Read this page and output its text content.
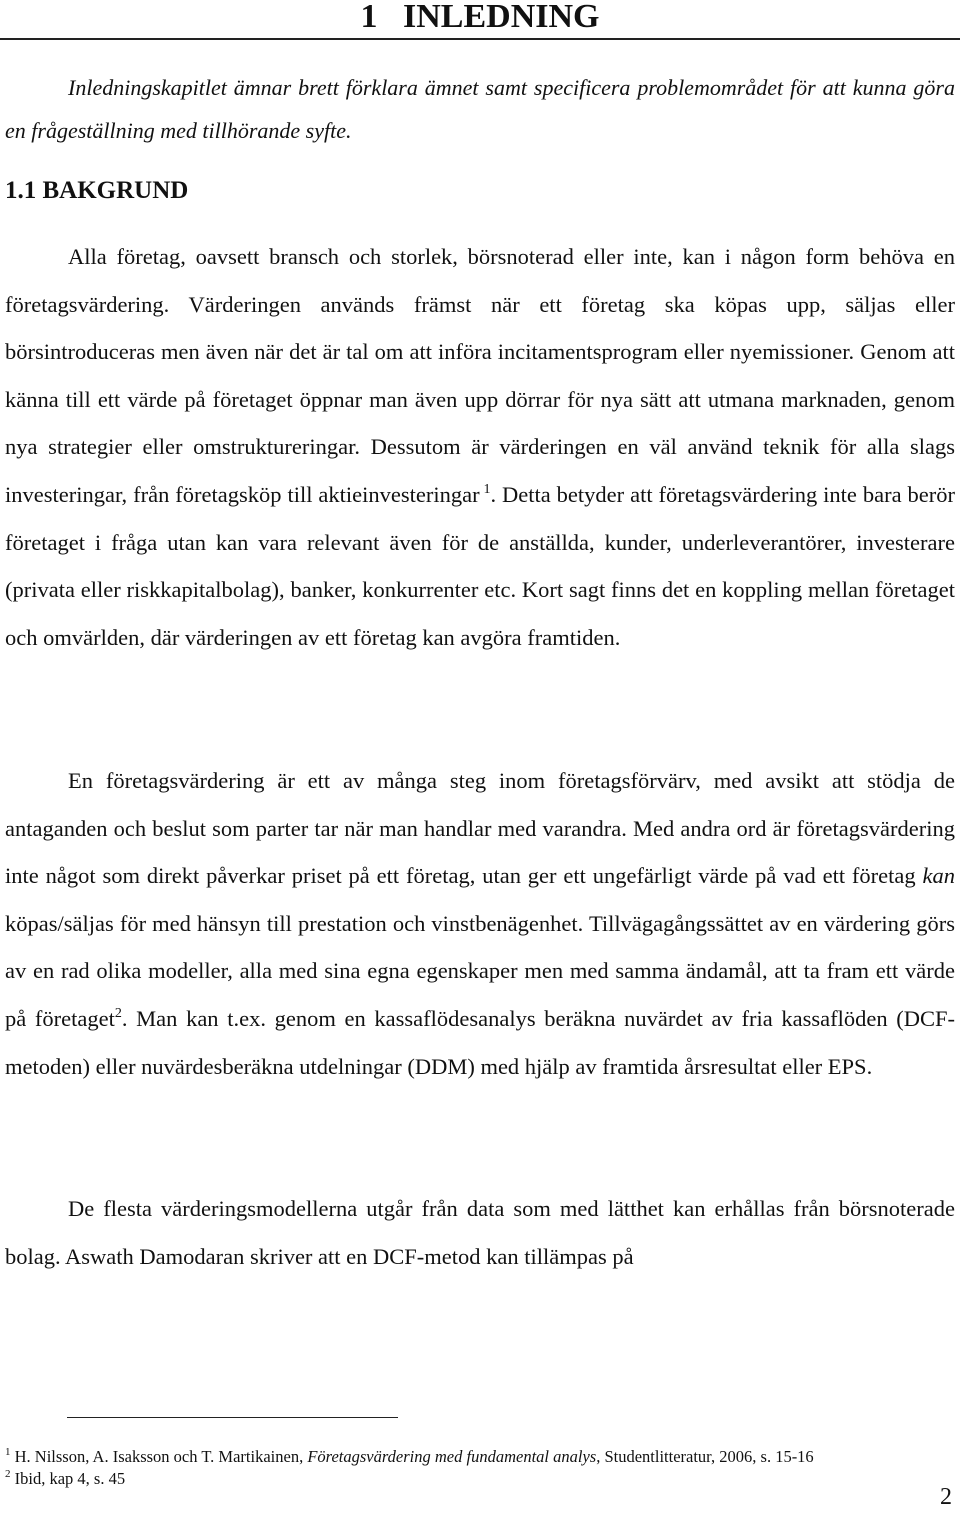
1 INLEDNING

Inledningskapitlet ämnar brett förklara ämnet samt specificera problemområdet för att kunna göra en frågeställning med tillhörande syfte.

1.1 BAKGRUND

Alla företag, oavsett bransch och storlek, börsnoterad eller inte, kan i någon form behöva en företagsvärdering. Värderingen används främst när ett företag ska köpas upp, säljas eller börsintroduceras men även när det är tal om att införa incitamentsprogram eller nyemissioner. Genom att känna till ett värde på företaget öppnar man även upp dörrar för nya sätt att utmana marknaden, genom nya strategier eller omstruktureringar. Dessutom är värderingen en väl använd teknik för alla slags investeringar, från företagsköp till aktieinvesteringar $^1$. Detta betyder att företagsvärdering inte bara berör företaget i fråga utan kan vara relevant även för de anställda, kunder, underleverantörer, investerare (privata eller riskkapitalbolag), banker, konkurrenter etc. Kort sagt finns det en koppling mellan företaget och omvärlden, där värderingen av ett företag kan avgöra framtiden.

En företagsvärdering är ett av många steg inom företagsförvärv, med avsikt att stödja de antaganden och beslut som parter tar när man handlar med varandra. Med andra ord är företagsvärdering inte något som direkt påverkar priset på ett företag, utan ger ett ungefärligt värde på vad ett företag kan köpas/säljas för med hänsyn till prestation och vinstbenägenhet. Tillvägagångssättet av en värdering görs av en rad olika modeller, alla med sina egna egenskaper men med samma ändamål, att ta fram ett värde på företaget$^2$. Man kan t.ex. genom en kassaflödesanalys beräkna nuvärdet av fria kassaflöden (DCF-metoden) eller nuvärdesberäkna utdelningar (DDM) med hjälp av framtida årsresultat eller EPS.

De flesta värderingsmodellerna utgår från data som med lätthet kan erhållas från börsnoterade bolag. Aswath Damodaran skriver att en DCF-metod kan tillämpas på

$^1$ H. Nilsson, A. Isaksson och T. Martikainen, Företagsvärdering med fundamental analys, Studentlitteratur, 2006, s. 15-16

$^2$ Ibid, kap 4, s. 45

2
